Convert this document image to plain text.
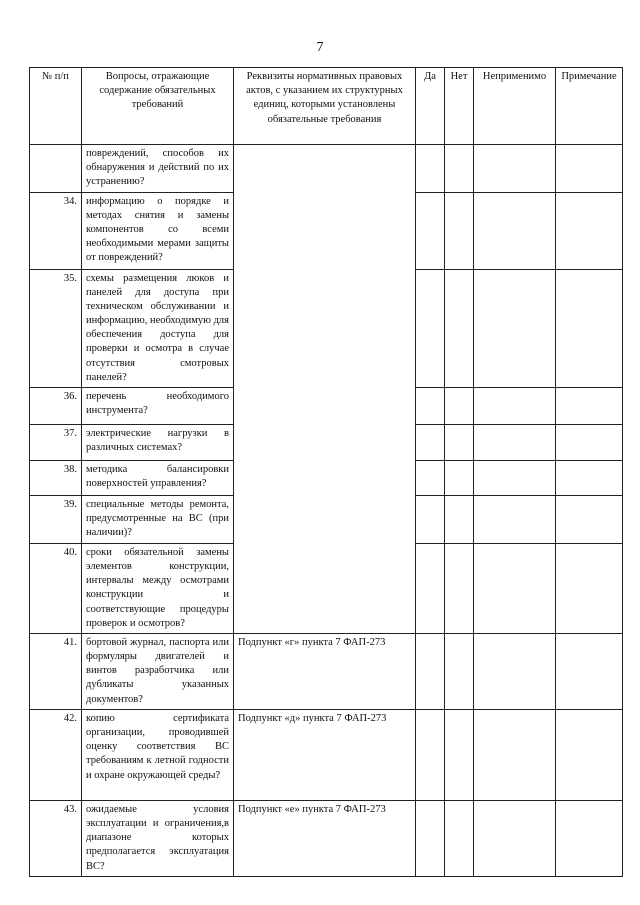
7
№ п/п	Вопросы, отражающие содержание обязательных требований	Реквизиты нормативных правовых актов, с указанием их структурных единиц, которыми установлены обязательные требования	Да	Нет	Неприменимо	Примечание
	повреждений, способов их обнаружения и действий по их устранению?					
34.	информацию о порядке и методах снятия и замены компонентов со всеми необходимыми мерами защиты от повреждений?					
35.	схемы размещения люков и панелей для доступа при техническом обслуживании и информацию, необходимую для обеспечения доступа для проверки и осмотра в случае отсутствия смотровых панелей?					
36.	перечень необходимого инструмента?					
37.	электрические нагрузки в различных системах?					
38.	методика балансировки поверхностей управления?					
39.	специальные методы ремонта, предусмотренные на ВС (при наличии)?					
40.	сроки обязательной замены элементов конструкции, интервалы между осмотрами конструкции и соответствующие процедуры проверок и осмотров?					
41.	бортовой журнал, паспорта или формуляры двигателей и винтов разработчика или дубликаты указанных документов?	Подпункт «г» пункта 7 ФАП-273				
42.	копию сертификата организации, проводившей оценку соответствия ВС требованиям к летной годности и охране окружающей среды?	Подпункт «д» пункта 7 ФАП-273				
43.	ожидаемые условия эксплуатации и ограничения,в диапазоне которых предполагается эксплуатация ВС?	Подпункт «е» пункта 7 ФАП-273				
